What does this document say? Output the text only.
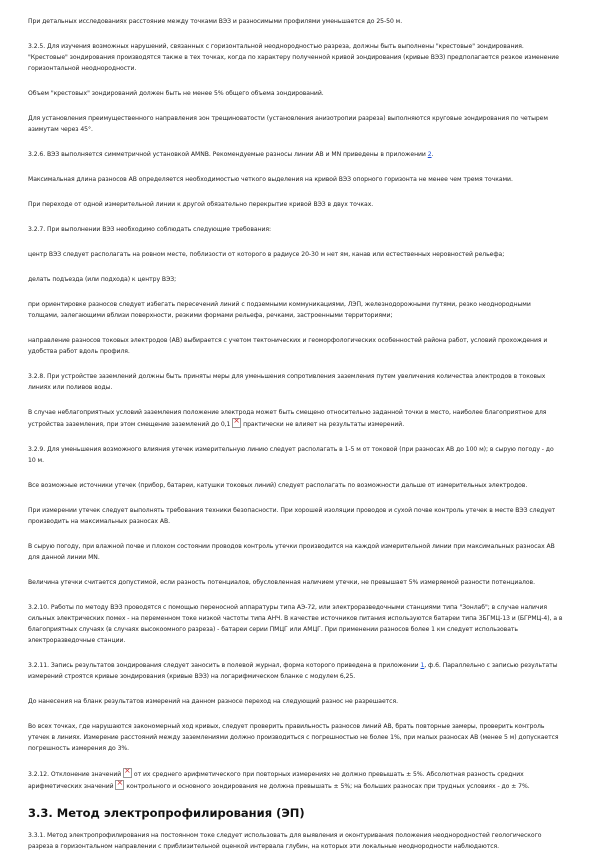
При детальных исследованиях расстояние между точками ВЭЗ и разносимыми профилями уменьшается до 25-50 м.

3.2.5. Для изучения возможных нарушений, связанных с горизонтальной неоднородностью разреза, должны быть выполнены "крестовые" зондирования. "Крестовые" зондирования производятся также в тех точках, когда по характеру полученной кривой зондирования (кривые ВЭЗ) предполагается резкое изменение горизонтальной неоднородности.

Объем "крестовых" зондирований должен быть не менее 5% общего объема зондирований.

Для установления преимущественного направления зон трещиноватости (установления анизотропии разреза) выполняются круговые зондирования по четырем азимутам через 45°.

3.2.6. ВЭЗ выполняется симметричной установкой АМNВ. Рекомендуемые разносы линии АВ и МN приведены в приложении 2.

Максимальная длина разносов АВ определяется необходимостью четкого выделения на кривой ВЭЗ опорного горизонта не менее чем тремя точками.

При переходе от одной измерительной линии к другой обязательно перекрытие кривой ВЭЗ в двух точках.

3.2.7. При выполнении ВЭЗ необходимо соблюдать следующие требования:

центр ВЭЗ следует располагать на ровном месте, поблизости от которого в радиусе 20-30 м нет ям, канав или естественных неровностей рельефа;

делать подъезда (или подхода) к центру ВЭЗ;

при ориентировке разносов следует избегать пересечений линий с подземными коммуникациями, ЛЭП, железнодорожными путями, резко неоднородными толщами, залегающими вблизи поверхности, резкими формами рельефа, речками, застроенными территориями;

направление разносов токовых электродов (АВ) выбирается с учетом тектонических и геоморфологических особенностей района работ, условий прохождения и удобства работ вдоль профиля.

3.2.8. При устройстве заземлений должны быть приняты меры для уменьшения сопротивления заземления путем увеличения количества электродов в токовых линиях или поливов воды.

В случае неблагоприятных условий заземления положение электрода может быть смещено относительно заданной точки в место, наиболее благоприятное для устройства заземления, при этом смещение заземлений до 0,1 × практически не влияет на результаты измерений.

3.2.9. Для уменьшения возможного влияния утечек измерительную линию следует располагать в 1-5 м от токовой (при разносах АВ до 100 м); в сырую погоду - до 10 м.

Все возможные источники утечек (прибор, батареи, катушки токовых линий) следует располагать по возможности дальше от измерительных электродов.

При измерении утечек следует выполнять требования техники безопасности. При хорошей изоляции проводов и сухой почве контроль утечек в месте ВЭЗ следует производить на максимальных разносах АВ.

В сырую погоду, при влажной почве и плохом состоянии проводов контроль утечки производится на каждой измерительной линии при максимальных разносах АВ для данной линии МN.

Величина утечки считается допустимой, если разность потенциалов, обусловленная наличием утечки, не превышает 5% измеряемой разности потенциалов.

3.2.10. Работы по методу ВЭЗ проводятся с помощью переносной аппаратуры типа АЭ-72, или электроразведочными станциями типа "Зонлаб"; в случае наличия сильных электрических помех - на переменном токе низкой частоты типа АНЧ. В качестве источников питания используются батареи типа 3БГМЦ-13 и (БГРМЦ-4), а в благоприятных случаях (в случаях высокоомного разреза) - батареи серии ПМЦГ или АМЦГ. При применении разносов более 1 км следует использовать электроразведочные станции.

3.2.11. Запись результатов зондирования следует заносить в полевой журнал, форма которого приведена в приложении 1, ф.6. Параллельно с записью результаты измерений строятся кривые зондирования (кривые ВЭЗ) на логарифмическом бланке с модулем 6,25.

До нанесения на бланк результатов измерений на данном разносе переход на следующий разнос не разрешается.

Во всех точках, где нарушаются закономерный ход кривых, следует проверить правильность разносов линий АВ, брать повторные замеры, проверить контроль утечек в линиях. Измерение расстояний между заземлениями должно производиться с погрешностью не более 1%, при малых разносах АВ (менее 5 м) допускается погрешность измерения до 3%.

3.2.12. Отклонение значений × от их среднего арифметического при повторных измерениях не должно превышать ± 5%. Абсолютная разность средних арифметических значений × контрольного и основного зондирования не должна превышать ± 5%; на больших разносах при трудных условиях - до ± 7%.

3.3. Метод электропрофилирования (ЭП)

3.3.1. Метод электропрофилирования на постоянном токе следует использовать для выявления и оконтуривания положения неоднородностей геологического разреза в горизонтальном направлении с приблизительной оценкой интервала глубин, на которых эти локальные неоднородности наблюдаются.
